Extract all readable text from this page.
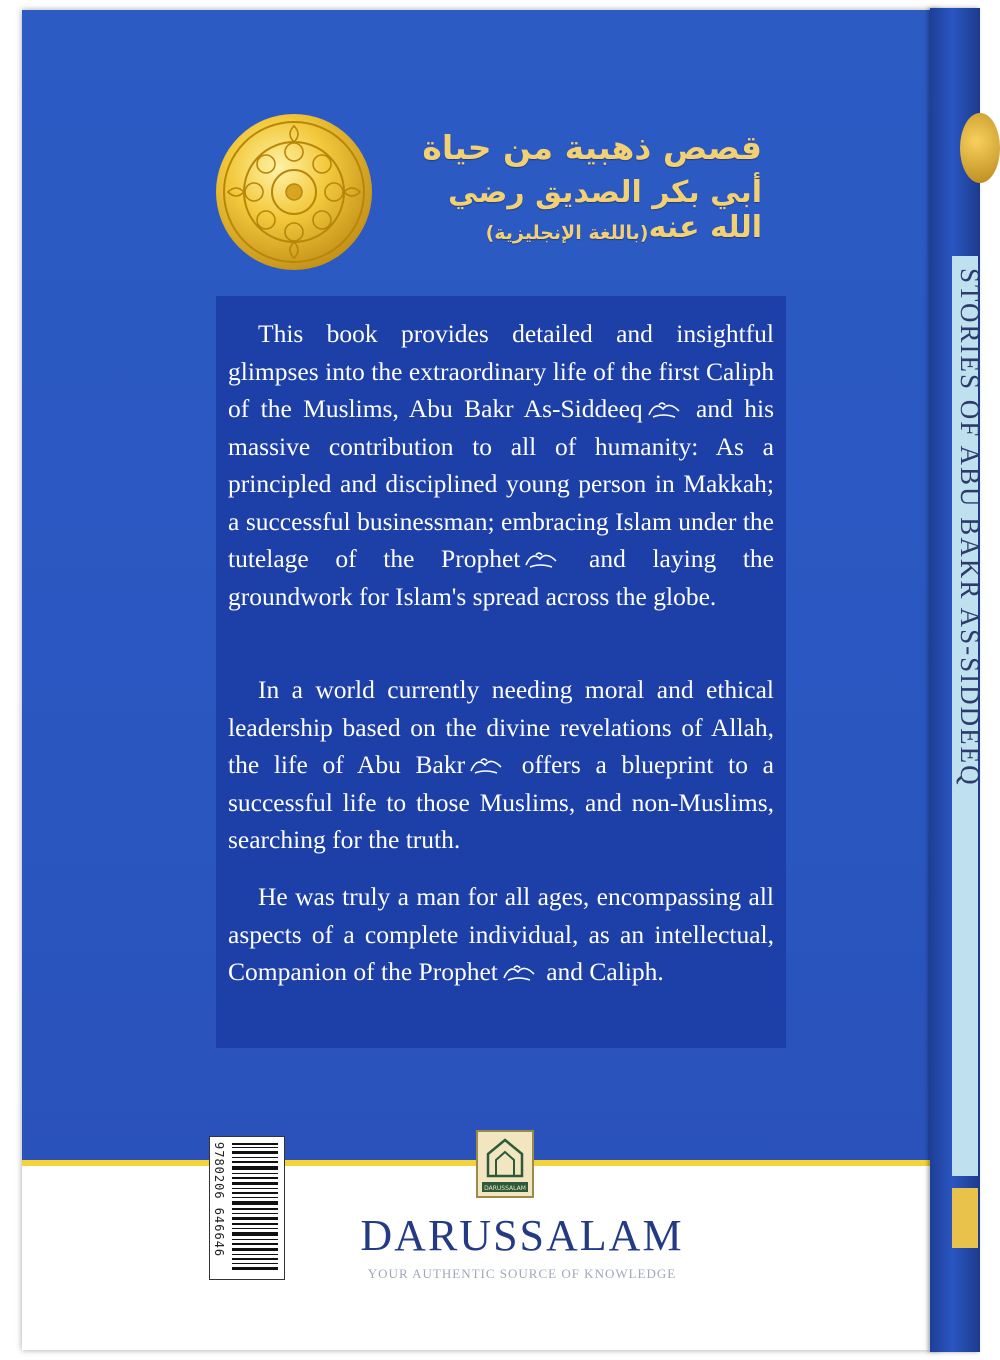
قصص ذهبية من حياة
أبي بكر الصديق رضي الله عنه
(باللغة الإنجليزية)

This book provides detailed and insightful glimpses into the extraordinary life of the first Caliph of the Muslims, Abu Bakr As-Siddeeq and his massive contribution to all of humanity: As a principled and disciplined young person in Makkah; a successful businessman; embracing Islam under the tutelage of the Prophet	and laying the groundwork for Islam's spread across the globe.

In a world currently needing moral and ethical leadership based on the divine revelations of Allah, the life of Abu Bakr offers a blueprint to a successful life to those Muslims, and non-Muslims, searching for the truth.

He was truly a man for all ages, encompassing all aspects of a complete individual, as an intellectual, Companion of the Prophet and Caliph.

DARUSSALAM
DARUSSALAM
YOUR AUTHENTIC SOURCE OF KNOWLEDGE
9780206 646646
STORIES OF ABU BAKR AS-SIDDEEQ
